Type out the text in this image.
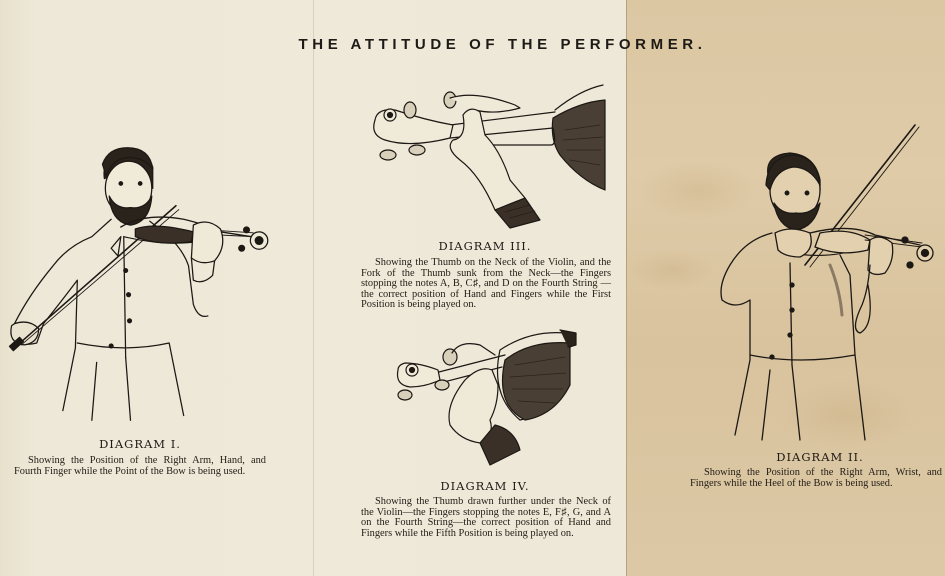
THE ATTITUDE OF THE PERFORMER.
DIAGRAM I.
Showing the Position of the Right Arm, Hand, and Fourth Finger while the Point of the Bow is being used.
DIAGRAM III.
Showing the Thumb on the Neck of the Violin, and the Fork of the Thumb sunk from the Neck—the Fingers stopping the notes A, B, C♯, and D on the Fourth String —the correct position of Hand and Fingers while the First Position is being played on.
DIAGRAM IV.
Showing the Thumb drawn further under the Neck of the Violin—the Fingers stopping the notes E, F♯, G, and A on the Fourth String—the correct position of Hand and Fingers while the Fifth Position is being played on.
DIAGRAM II.
Showing the Position of the Right Arm, Wrist, and Fingers while the Heel of the Bow is being used.
